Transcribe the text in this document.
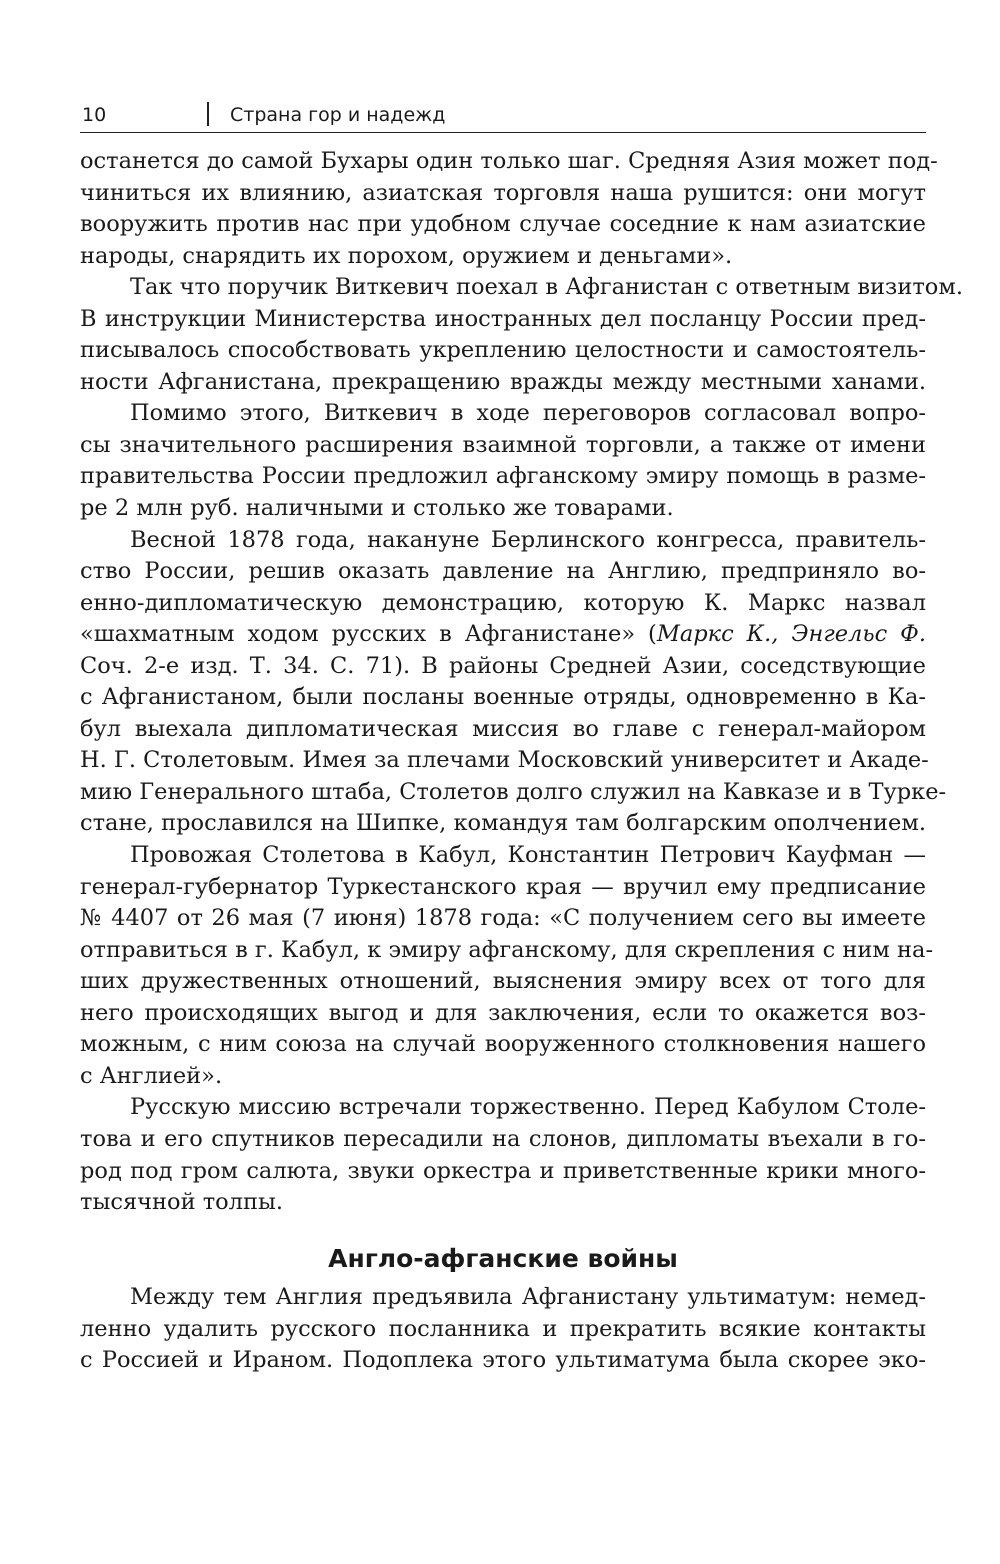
10	Страна гор и надежд
останется до самой Бухары один только шаг. Средняя Азия может под-
чиниться их влиянию, азиатская торговля наша рушится: они могут
вооружить против нас при удобном случае соседние к нам азиатские
народы, снарядить их порохом, оружием и деньгами».
Так что поручик Виткевич поехал в Афганистан с ответным визитом.
В инструкции Министерства иностранных дел посланцу России пред-
писывалось способствовать укреплению целостности и самостоятель-
ности Афганистана, прекращению вражды между местными ханами.
Помимо этого, Виткевич в ходе переговоров согласовал вопро-
сы значительного расширения взаимной торговли, а также от имени
правительства России предложил афганскому эмиру помощь в разме-
ре 2 млн руб. наличными и столько же товарами.
Весной 1878 года, накануне Берлинского конгресса, правитель-
ство России, решив оказать давление на Англию, предприняло во-
енно-дипломатическую демонстрацию, которую К. Маркс назвал
«шахматным ходом русских в Афганистане» (Маркс К., Энгельс Ф.
Соч. 2-е изд. Т. 34. С. 71). В районы Средней Азии, соседствующие
с Афганистаном, были посланы военные отряды, одновременно в Ка-
бул выехала дипломатическая миссия во главе с генерал-майором
Н. Г. Столетовым. Имея за плечами Московский университет и Акаде-
мию Генерального штаба, Столетов долго служил на Кавказе и в Турке-
стане, прославился на Шипке, командуя там болгарским ополчением.
Провожая Столетова в Кабул, Константин Петрович Кауфман —
генерал-губернатор Туркестанского края — вручил ему предписание
№ 4407 от 26 мая (7 июня) 1878 года: «С получением сего вы имеете
отправиться в г. Кабул, к эмиру афганскому, для скрепления с ним на-
ших дружественных отношений, выяснения эмиру всех от того для
него происходящих выгод и для заключения, если то окажется воз-
можным, с ним союза на случай вооруженного столкновения нашего
с Англией».
Русскую миссию встречали торжественно. Перед Кабулом Столе-
това и его спутников пересадили на слонов, дипломаты въехали в го-
род под гром салюта, звуки оркестра и приветственные крики много-
тысячной толпы.
Англо-афганские войны
Между тем Англия предъявила Афганистану ультиматум: немед-
ленно удалить русского посланника и прекратить всякие контакты
с Россией и Ираном. Подоплека этого ультиматума была скорее эко-
